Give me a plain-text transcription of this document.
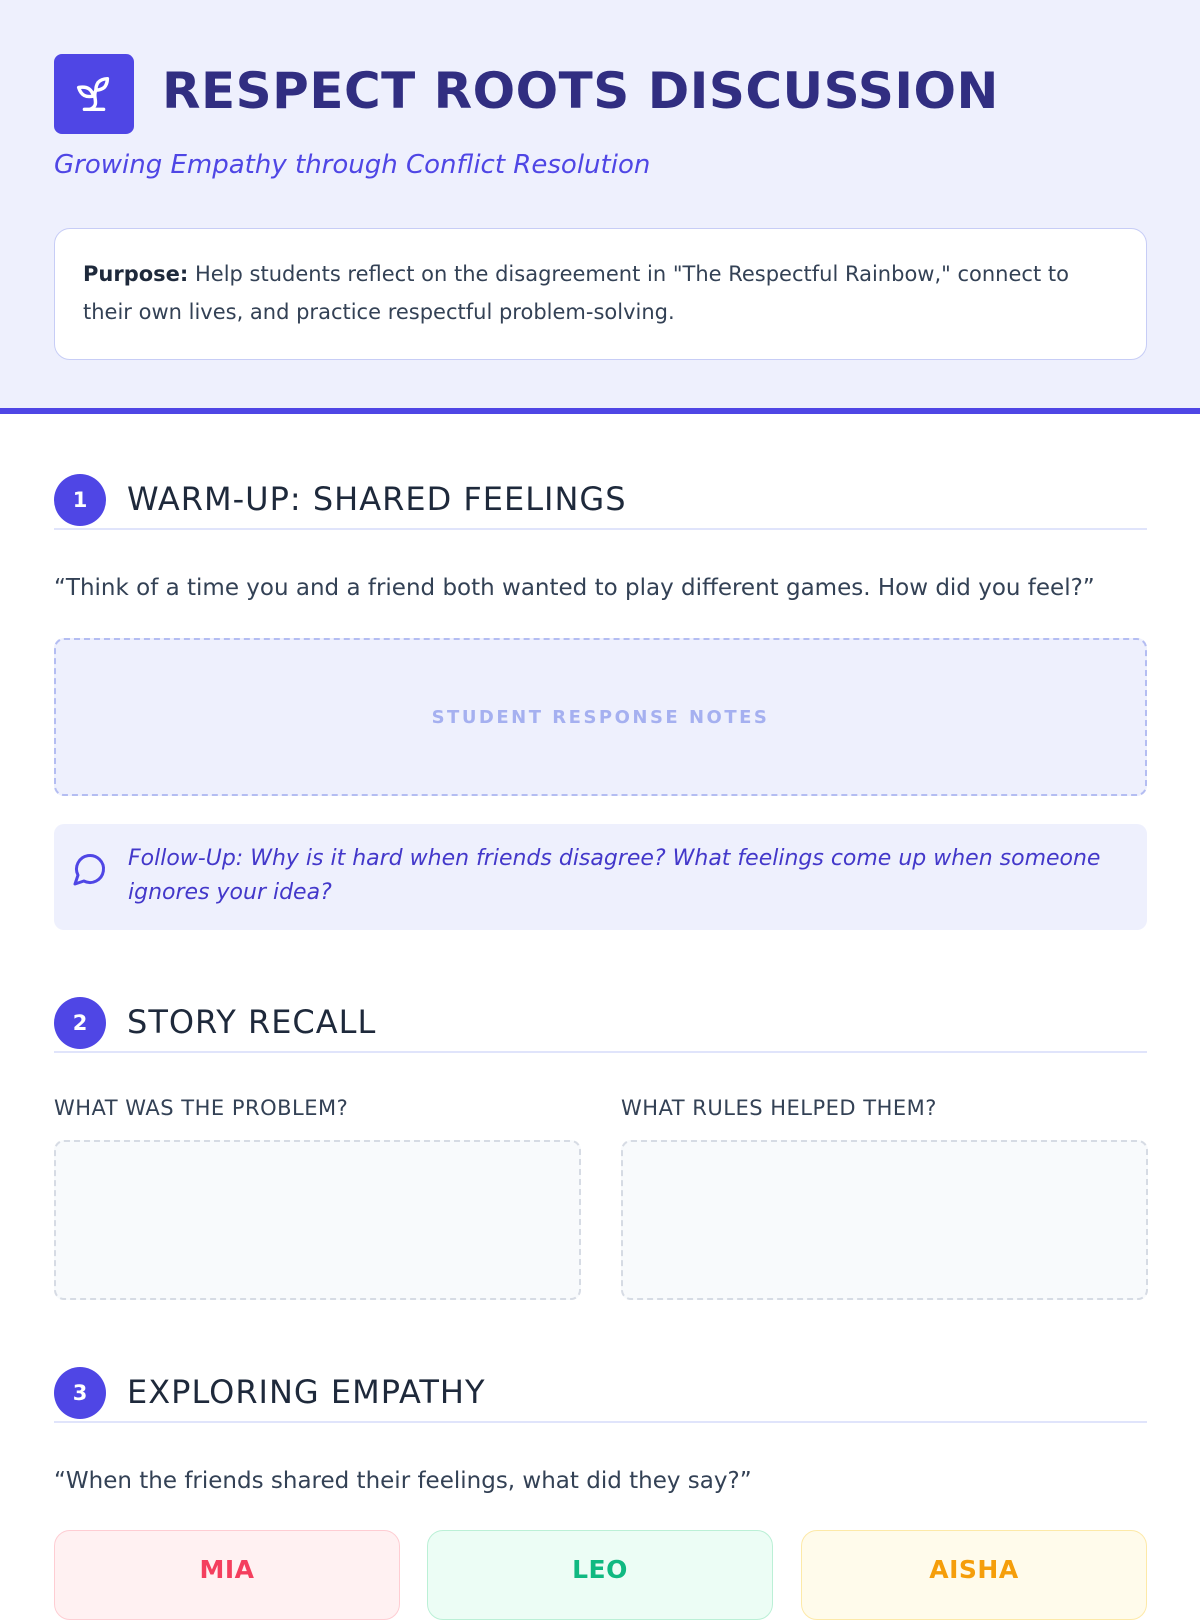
RESPECT ROOTS DISCUSSION
Growing Empathy through Conflict Resolution
Purpose: Help students reflect on the disagreement in "The Respectful Rainbow," connect to their own lives, and practice respectful problem-solving.
1	WARM-UP: SHARED FEELINGS
“Think of a time you and a friend both wanted to play different games. How did you feel?”
STUDENT RESPONSE NOTES
Follow-Up: Why is it hard when friends disagree? What feelings come up when someone ignores your idea?
2	STORY RECALL
WHAT WAS THE PROBLEM?	WHAT RULES HELPED THEM?
3	EXPLORING EMPATHY
“When the friends shared their feelings, what did they say?”
MIA	LEO	AISHA
